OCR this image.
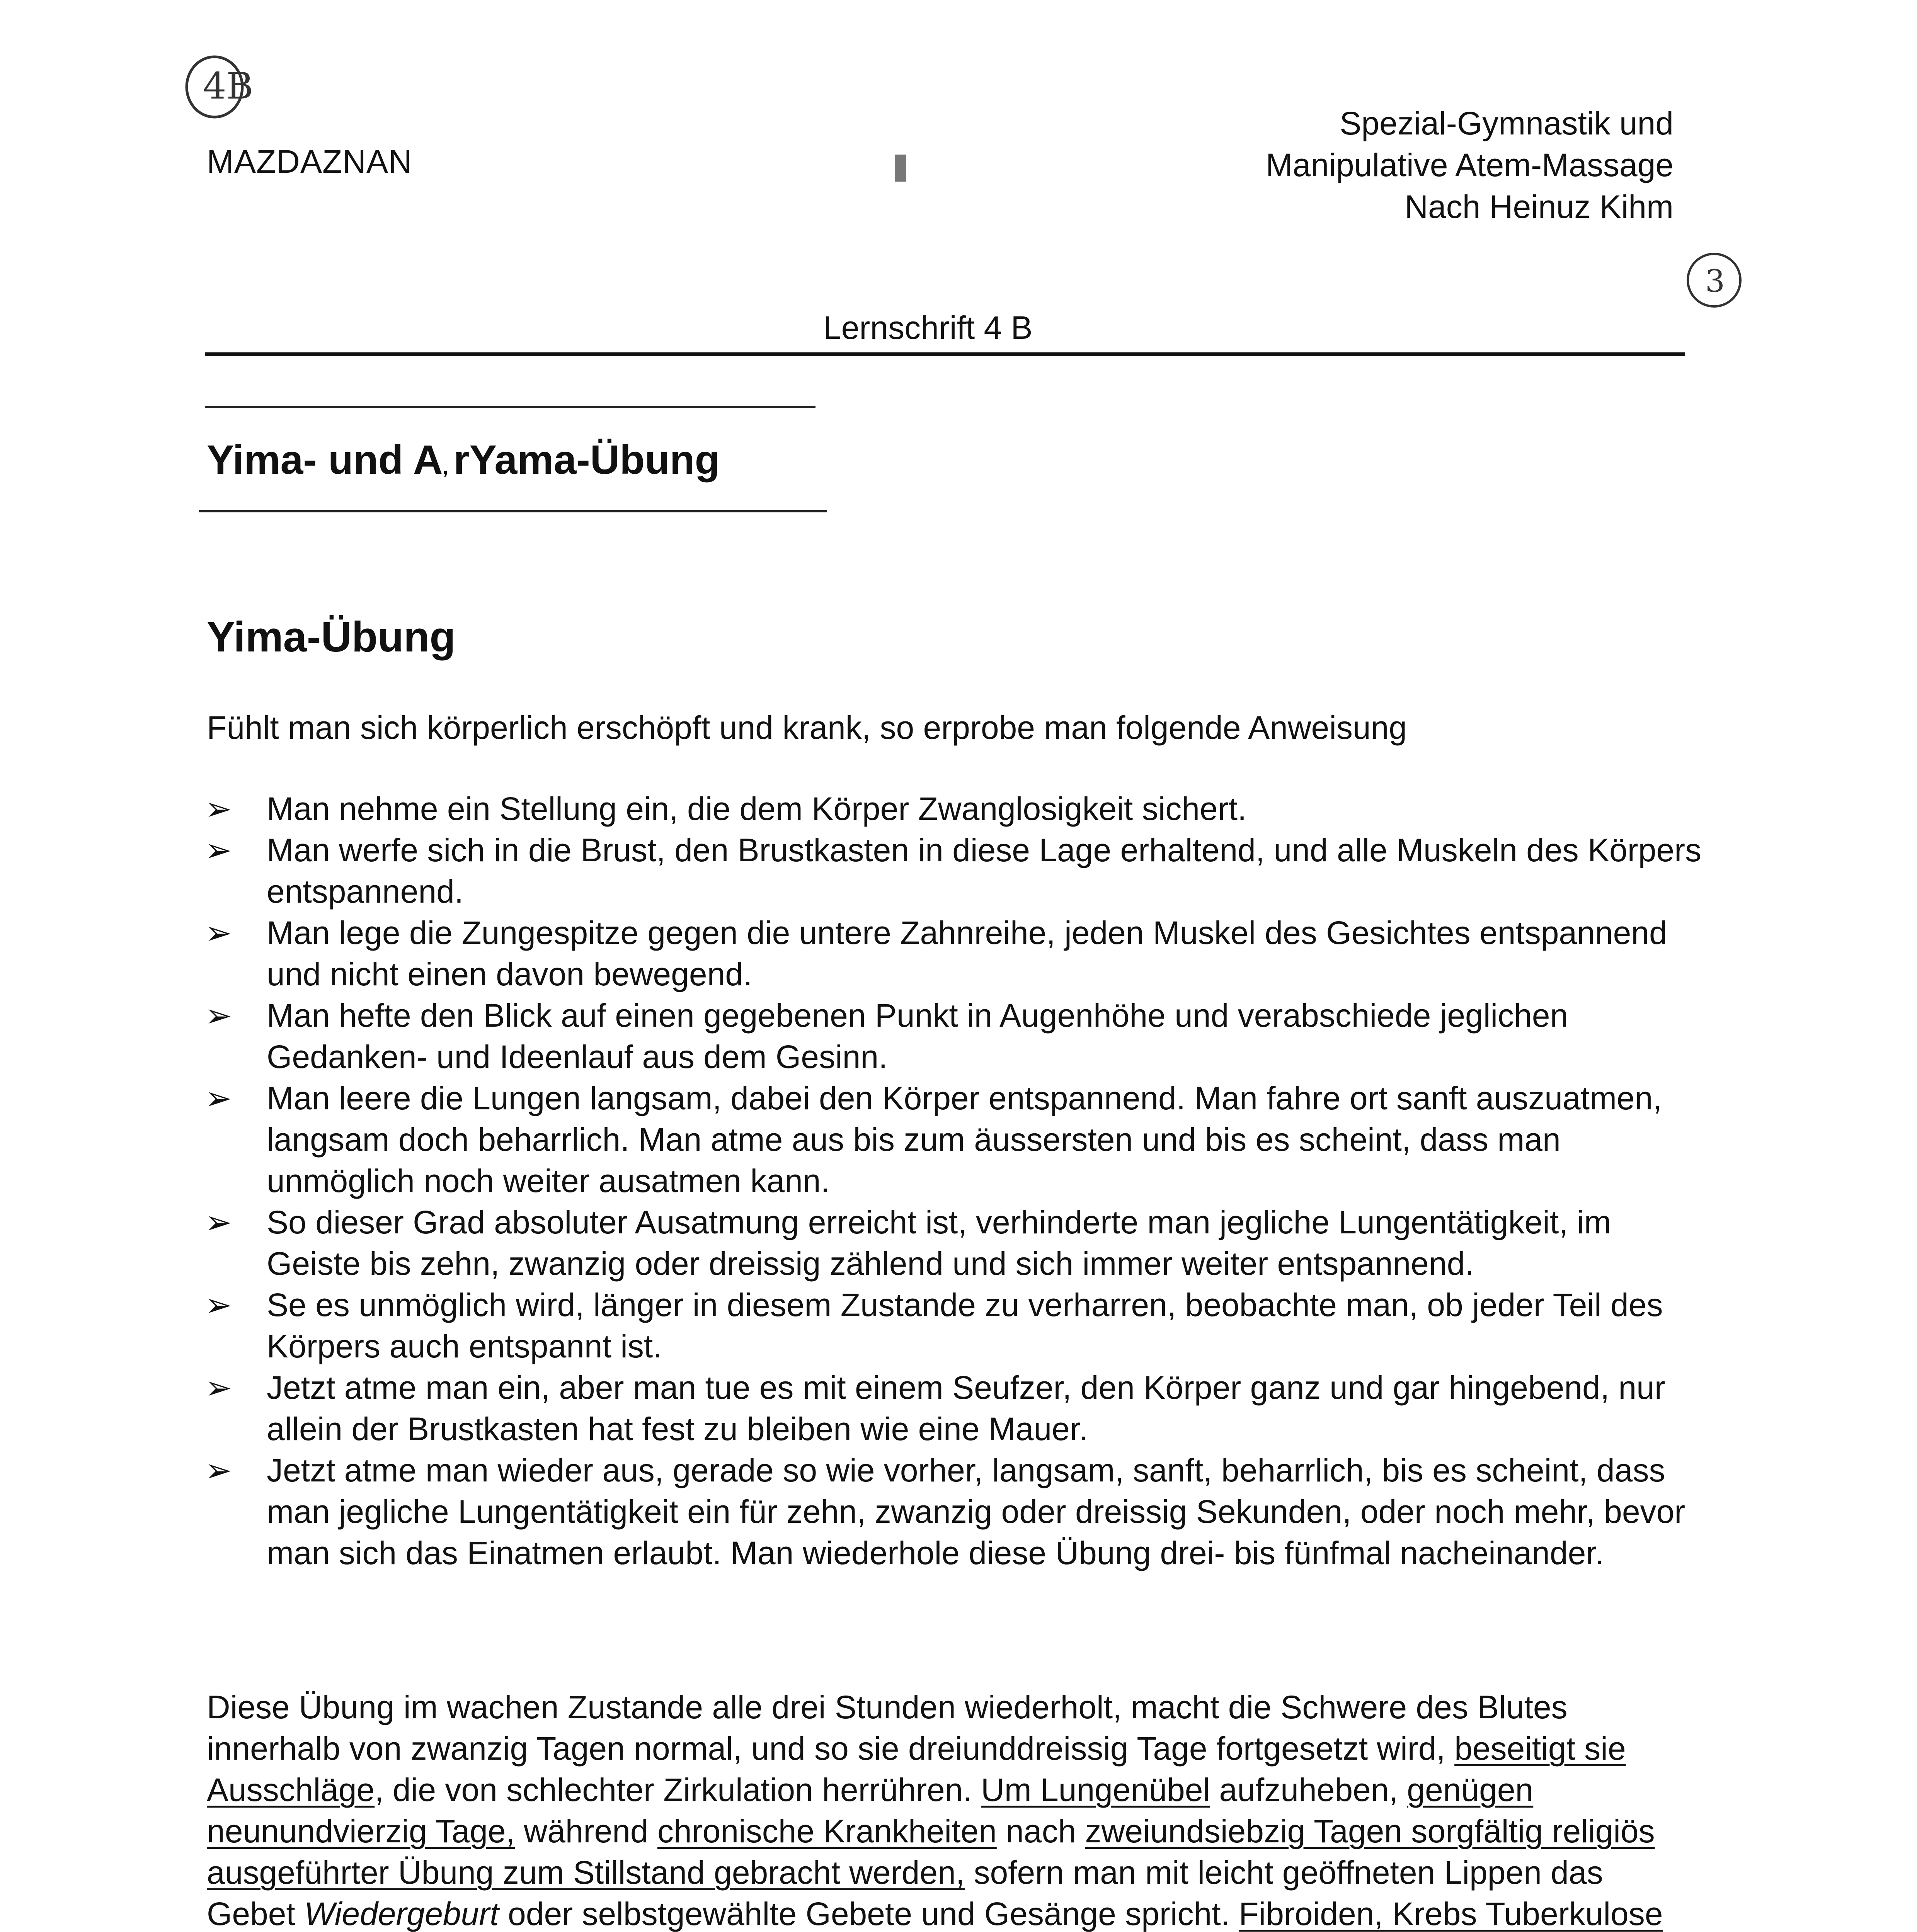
4B
MAZDAZNAN
Spezial-Gymnastik und
Manipulative Atem-Massage
Nach Heinuz Kihm
3
Lernschrift 4 B
Yima- und A, rYama-Übung
Yima-Übung
Fühlt man sich körperlich erschöpft und krank, so erprobe man folgende Anweisung
➢ Man nehme ein Stellung ein, die dem Körper Zwanglosigkeit sichert.
➢ Man werfe sich in die Brust, den Brustkasten in diese Lage erhaltend, und alle Muskeln des Körpers entspannend.
➢ Man lege die Zungespitze gegen die untere Zahnreihe, jeden Muskel des Gesichtes entspannend und nicht einen davon bewegend.
➢ Man hefte den Blick auf einen gegebenen Punkt in Augenhöhe und verabschiede jeglichen Gedanken- und Ideenlauf aus dem Gesinn.
➢ Man leere die Lungen langsam, dabei den Körper entspannend. Man fahre ort sanft auszuatmen, langsam doch beharrlich. Man atme aus bis zum äussersten und bis es scheint, dass man unmöglich noch weiter ausatmen kann.
➢ So dieser Grad absoluter Ausatmung erreicht ist, verhinderte man jegliche Lungentätigkeit, im Geiste bis zehn, zwanzig oder dreissig zählend und sich immer weiter entspannend.
➢ Se es unmöglich wird, länger in diesem Zustande zu verharren, beobachte man, ob jeder Teil des Körpers auch entspannt ist.
➢ Jetzt atme man ein, aber man tue es mit einem Seufzer, den Körper ganz und gar hingebend, nur allein der Brustkasten hat fest zu bleiben wie eine Mauer.
➢ Jetzt atme man wieder aus, gerade so wie vorher, langsam, sanft, beharrlich, bis es scheint, dass man jegliche Lungentätigkeit ein für zehn, zwanzig oder dreissig Sekunden, oder noch mehr, bevor man sich das Einatmen erlaubt. Man wiederhole diese Übung drei- bis fünfmal nacheinander.
Diese Übung im wachen Zustande alle drei Stunden wiederholt, macht die Schwere des Blutes innerhalb von zwanzig Tagen normal, und so sie dreiunddreissig Tage fortgesetzt wird, beseitigt sie Ausschläge, die von schlechter Zirkulation herrühren. Um Lungenübel aufzuheben, genügen neunundvierzig Tage, während chronische Krankheiten nach zweiundsiebzig Tagen sorgfältig religiös ausgeführter Übung zum Stillstand gebracht werden, sofern man mit leicht geöffneten Lippen das Gebet Wiedergeburt oder selbstgewählte Gebete und Gesänge spricht. Fibroiden, Krebs Tuberkulose
